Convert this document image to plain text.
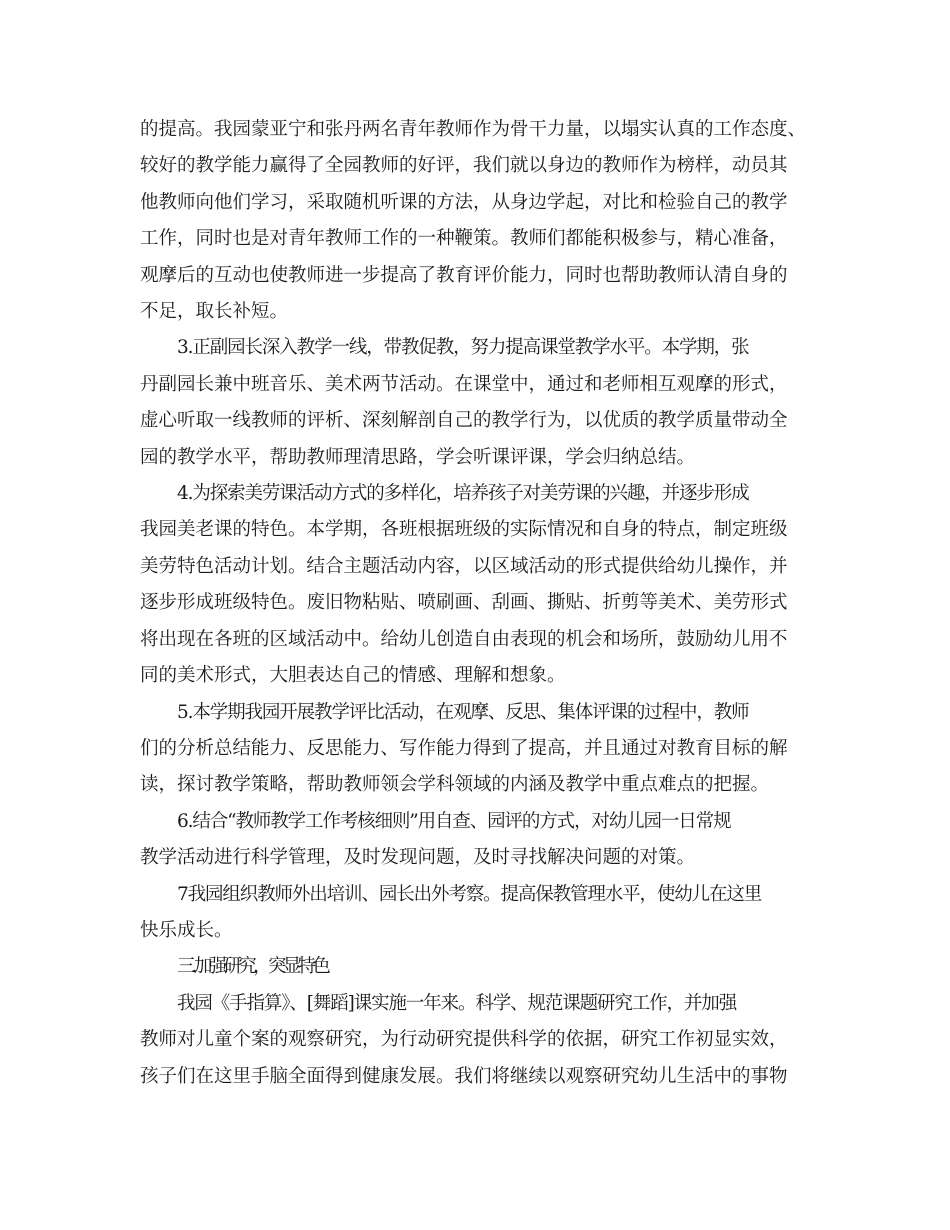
的提高。我园蒙亚宁和张丹两名青年教师作为骨干力量，以塌实认真的工作态度、
较好的教学能力赢得了全园教师的好评，我们就以身边的教师作为榜样，动员其
他教师向他们学习，采取随机听课的方法，从身边学起，对比和检验自己的教学
工作，同时也是对青年教师工作的一种鞭策。教师们都能积极参与，精心准备，
观摩后的互动也使教师进一步提高了教育评价能力，同时也帮助教师认清自身的
不足，取长补短。
3.正副园长深入教学一线，带教促教，努力提高课堂教学水平。本学期，张
丹副园长兼中班音乐、美术两节活动。在课堂中，通过和老师相互观摩的形式，
虚心听取一线教师的评析、深刻解剖自己的教学行为，以优质的教学质量带动全
园的教学水平，帮助教师理清思路，学会听课评课，学会归纳总结。
4.为探索美劳课活动方式的多样化，培养孩子对美劳课的兴趣，并逐步形成
我园美老课的特色。本学期，各班根据班级的实际情况和自身的特点，制定班级
美劳特色活动计划。结合主题活动内容，以区域活动的形式提供给幼儿操作，并
逐步形成班级特色。废旧物粘贴、喷刷画、刮画、撕贴、折剪等美术、美劳形式
将出现在各班的区域活动中。给幼儿创造自由表现的机会和场所，鼓励幼儿用不
同的美术形式，大胆表达自己的情感、理解和想象。
5.本学期我园开展教学评比活动，在观摩、反思、集体评课的过程中，教师
们的分析总结能力、反思能力、写作能力得到了提高，并且通过对教育目标的解
读，探讨教学策略，帮助教师领会学科领域的内涵及教学中重点难点的把握。
6.结合“教师教学工作考核细则”用自查、园评的方式，对幼儿园一日常规
教学活动进行科学管理，及时发现问题，及时寻找解决问题的对策。
7我园组织教师外出培训、园长出外考察。提高保教管理水平，使幼儿在这里
快乐成长。
三.加强研究，突显特色
我园《手指算》、[舞蹈]课实施一年来。科学、规范课题研究工作，并加强
教师对儿童个案的观察研究，为行动研究提供科学的依据，研究工作初显实效，
孩子们在这里手脑全面得到健康发展。我们将继续以观察研究幼儿生活中的事物
